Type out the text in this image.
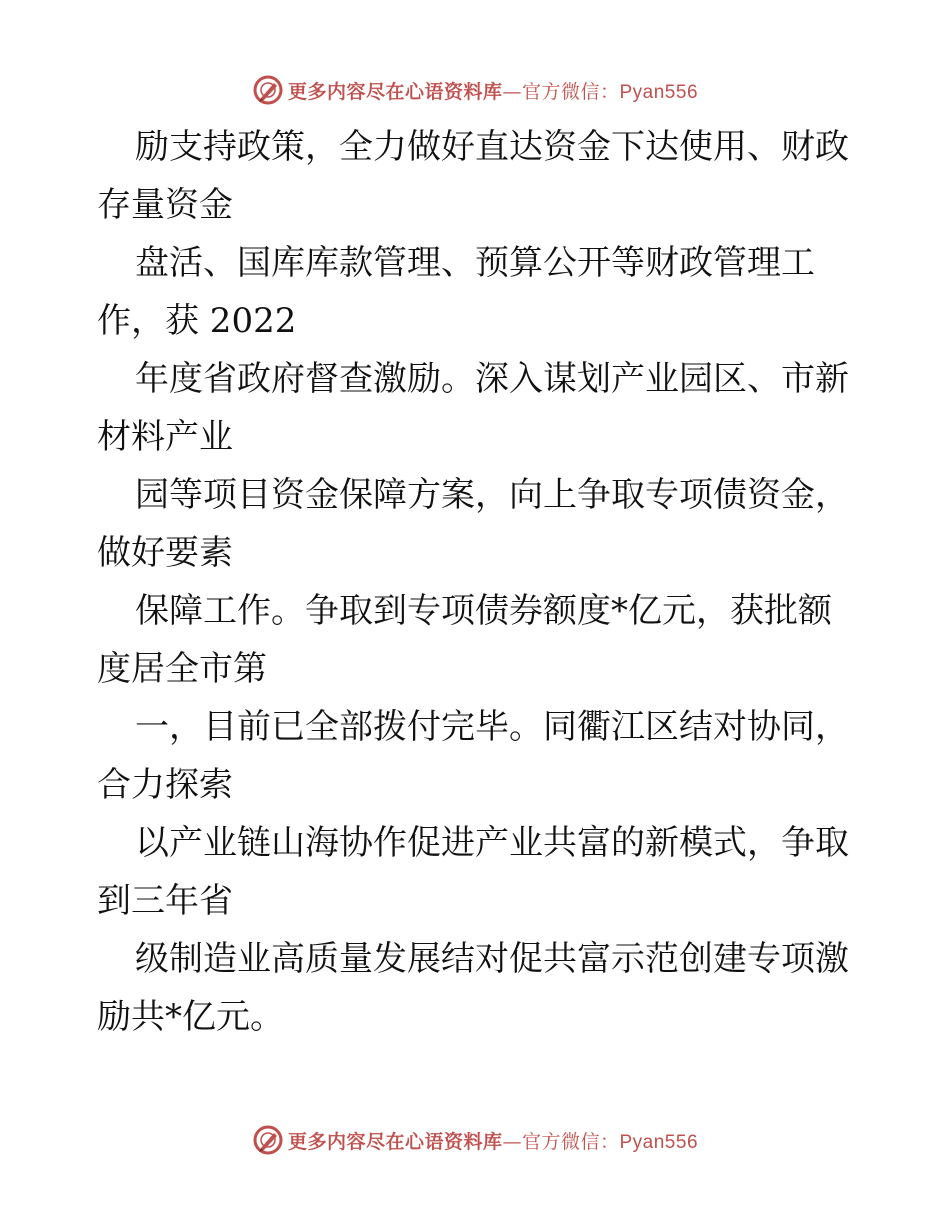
更多内容尽在心语资料库—官方微信：Pyan556
励支持政策，全力做好直达资金下达使用、财政
存量资金
盘活、国库库款管理、预算公开等财政管理工
作，获 2022
年度省政府督查激励。深入谋划产业园区、市新
材料产业
园等项目资金保障方案，向上争取专项债资金，
做好要素
保障工作。争取到专项债券额度*亿元，获批额
度居全市第
一，目前已全部拨付完毕。同衢江区结对协同，
合力探索
以产业链山海协作促进产业共富的新模式，争取
到三年省
级制造业高质量发展结对促共富示范创建专项激
励共*亿元。
更多内容尽在心语资料库—官方微信：Pyan556
